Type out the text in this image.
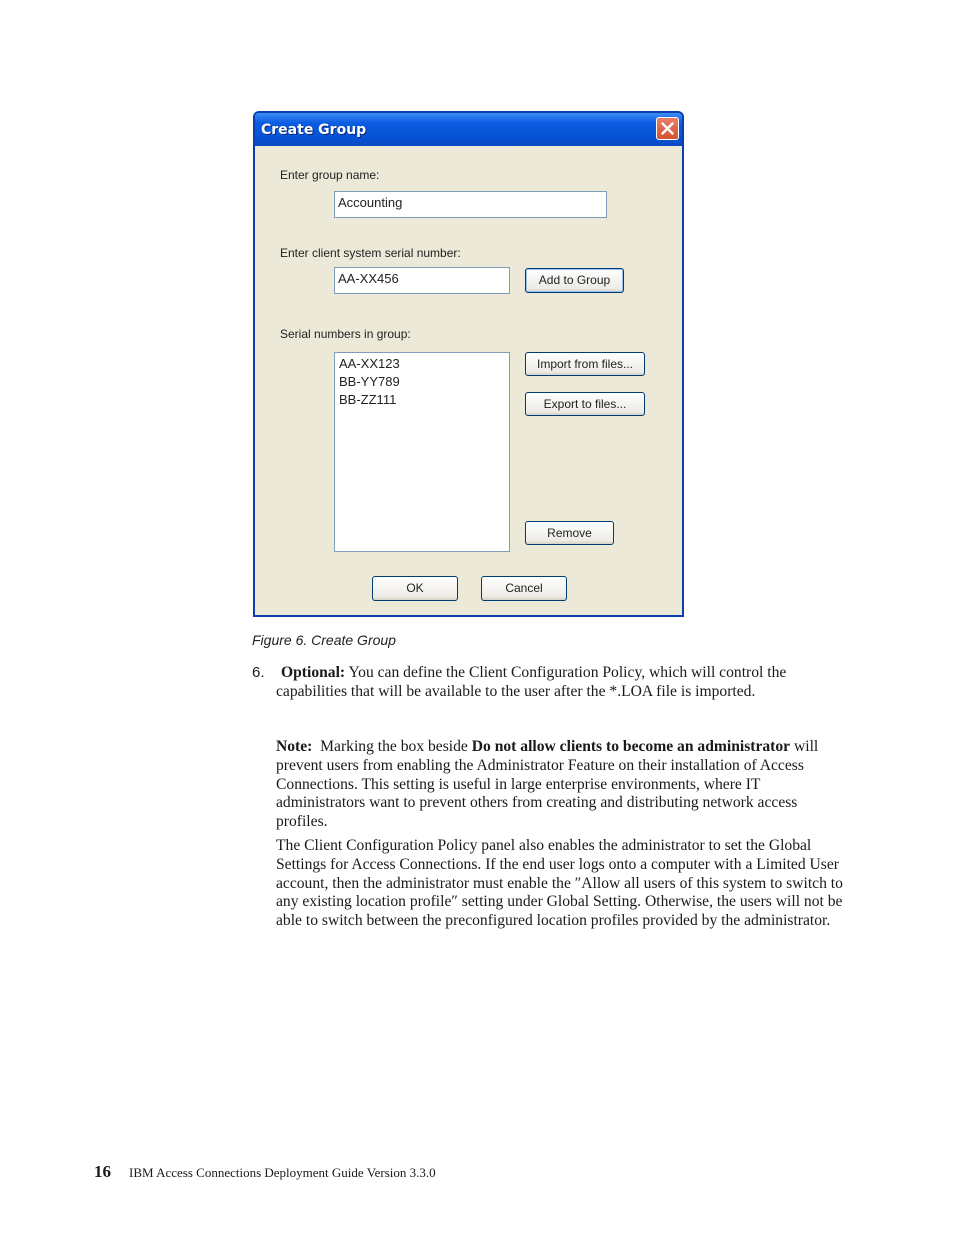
Create Group
Enter group name:
Accounting
Enter client system serial number:
AA-XX456	Add to Group
Serial numbers in group:
AA-XX123
BB-YY789
BB-ZZ111
Import from files...
Export to files...
Remove
OK	Cancel
Figure 6. Create Group
6.	Optional: You can define the Client Configuration Policy, which will control the capabilities that will be available to the user after the *.LOA file is imported.

Note:  Marking the box beside Do not allow clients to become an administrator will prevent users from enabling the Administrator Feature on their installation of Access Connections. This setting is useful in large enterprise environments, where IT administrators want to prevent others from creating and distributing network access profiles.

The Client Configuration Policy panel also enables the administrator to set the Global Settings for Access Connections. If the end user logs onto a computer with a Limited User account, then the administrator must enable the ″Allow all users of this system to switch to any existing location profile″ setting under Global Setting. Otherwise, the users will not be able to switch between the preconfigured location profiles provided by the administrator.

16 IBM Access Connections Deployment Guide Version 3.3.0
